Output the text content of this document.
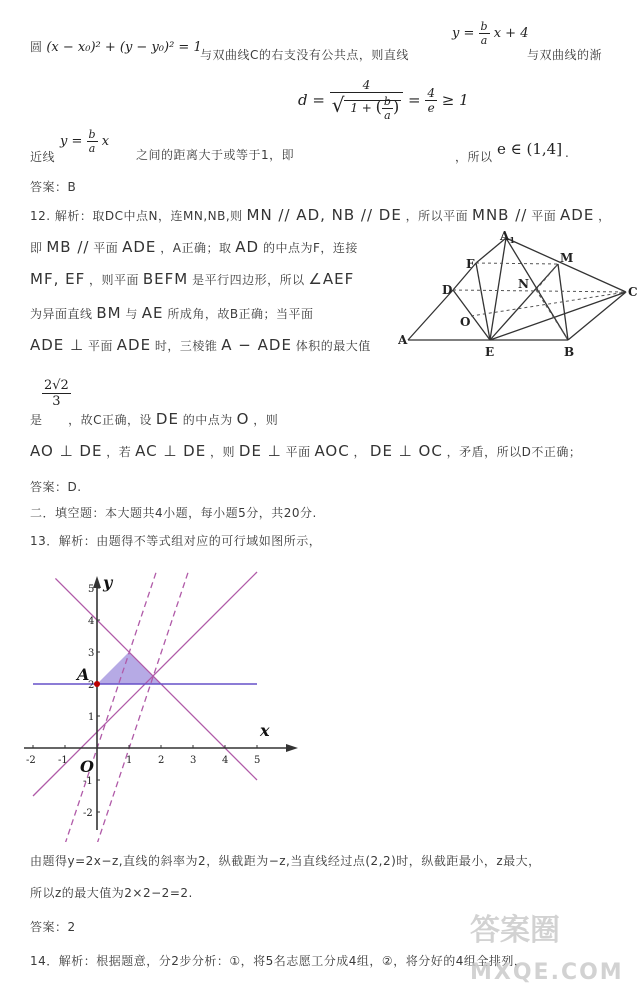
圆 (x − x₀)² + (y − y₀)² = 1
与双曲线C的右支没有公共点，则直线
$y = \frac{b}{a}$ x + 4
与双曲线的渐
$d = \frac{4}{√ 1 + ( \frac{b}{a} )} = \frac{4}{e} \ge 1$
近线
$y = \frac{b}{a}$ x
之间的距离大于或等于1，即	，所以 e ∈ (1,4] .
答案：B
12. 解析：取DC中点N，连MN,NB,则 MN // AD, NB // DE ，所以平面 MNB // 平面 ADE ，
即 MB // 平面 ADE ，A正确；取 AD 的中点为F，连接
MF, EF ，则平面 BEFM 是平行四边形，所以 ∠AEF
为异面直线 BM 与 AE 所成角，故B正确；当平面
ADE ⊥ 平面 ADE 时，三棱锥 A − ADE 体积的最大值
$A_1$
M
F
D	N
C
O
A
E	B
$\frac{2√2}{3}$
是 ，故C正确，设 DE 的中点为 O ，则
AO ⊥ DE ，若 AC ⊥ DE ，则 DE ⊥ 平面 AOC ， DE ⊥ OC ，矛盾，所以D不正确；
答案：D.
二．填空题：本大题共4小题，每小题5分，共20分.
13．解析：由题得不等式组对应的可行域如图所示，
-2 -1	1	2	3	4	5
5
4
3
2
1
-1
-2
x
y
O
A
由题得y=2x−z,直线的斜率为2，纵截距为−z,当直线经过点(2,2)时，纵截距最小，z最大，
所以z的最大值为2×2−2=2.
答案：2
14．解析：根据题意，分2步分析：①，将5名志愿工分成4组，②，将分好的4组全排列，
答案圈
MXQE.COM
